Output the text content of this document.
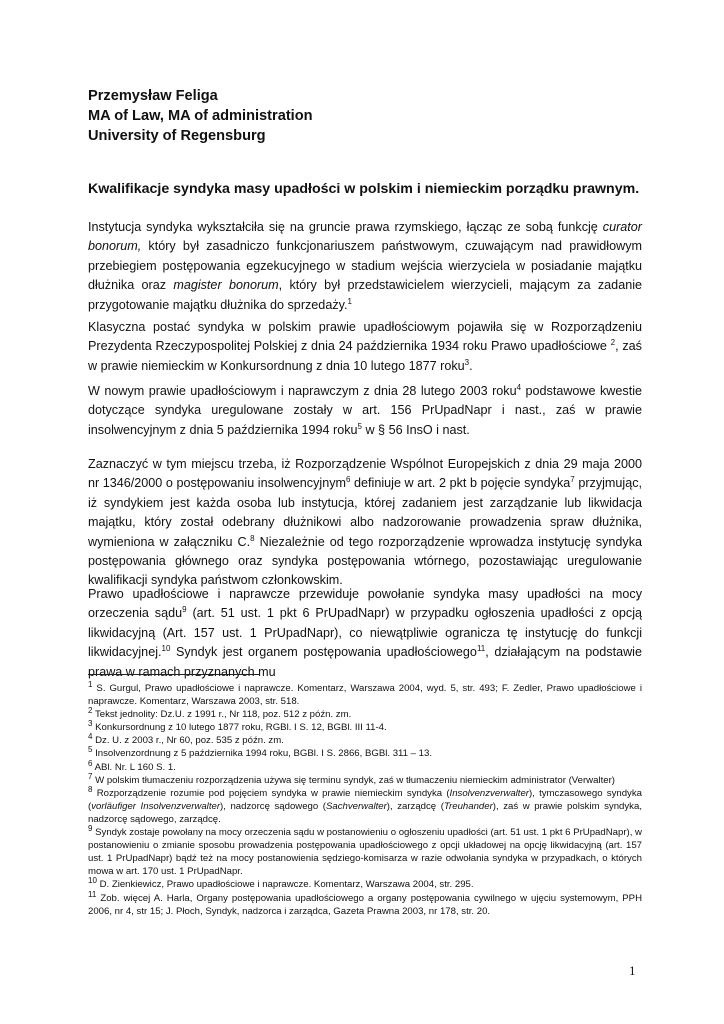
Przemysław Feliga
MA of Law, MA of administration
University of Regensburg
Kwalifikacje syndyka masy upadłości w polskim i niemieckim porządku prawnym.
Instytucja syndyka wykształciła się na gruncie prawa rzymskiego, łącząc ze sobą funkcję curator bonorum, który był zasadniczo funkcjonariuszem państwowym, czuwającym nad prawidłowym przebiegiem postępowania egzekucyjnego w stadium wejścia wierzyciela w posiadanie majątku dłużnika oraz magister bonorum, który był przedstawicielem wierzycieli, mającym za zadanie przygotowanie majątku dłużnika do sprzedaży.$^1$
Klasyczna postać syndyka w polskim prawie upadłościowym pojawiła się w Rozporządzeniu Prezydenta Rzeczypospolitej Polskiej z dnia 24 października 1934 roku Prawo upadłościowe $^2$, zaś w prawie niemieckim w Konkursordnung z dnia 10 lutego 1877 roku$^3$.
W nowym prawie upadłościowym i naprawczym z dnia 28 lutego 2003 roku$^4$ podstawowe kwestie dotyczące syndyka uregulowane zostały w art. 156 PrUpadNapr i nast., zaś w prawie insolwencyjnym z dnia 5 października 1994 roku$^5$ w § 56 InsO i nast.
Zaznaczyć w tym miejscu trzeba, iż Rozporządzenie Wspólnot Europejskich z dnia 29 maja 2000 nr 1346/2000 o postępowaniu insolwencyjnym$^6$ definiuje w art. 2 pkt b pojęcie syndyka$^7$ przyjmując, iż syndykiem jest każda osoba lub instytucja, której zadaniem jest zarządzanie lub likwidacja majątku, który został odebrany dłużnikowi albo nadzorowanie prowadzenia spraw dłużnika, wymieniona w załączniku C.$^8$ Niezależnie od tego rozporządzenie wprowadza instytucję syndyka postępowania głównego oraz syndyka postępowania wtórnego, pozostawiając uregulowanie kwalifikacji syndyka państwom członkowskim.
Prawo upadłościowe i naprawcze przewiduje powołanie syndyka masy upadłości na mocy orzeczenia sądu$^9$ (art. 51 ust. 1 pkt 6 PrUpadNapr) w przypadku ogłoszenia upadłości z opcją likwidacyjną (Art. 157 ust. 1 PrUpadNapr), co niewątpliwie ogranicza tę instytucję do funkcji likwidacyjnej.$^{10}$ Syndyk jest organem postępowania upadłościowego$^{11}$, działającym na podstawie prawa w ramach przyznanych mu
$^1$ S. Gurgul, Prawo upadłościowe i naprawcze. Komentarz, Warszawa 2004, wyd. 5, str. 493; F. Zedler, Prawo upadłościowe i naprawcze. Komentarz, Warszawa 2003, str. 518.
$^2$ Tekst jednolity: Dz.U. z 1991 r., Nr 118, poz. 512 z późn. zm.
$^3$ Konkursordnung z 10 lutego 1877 roku, RGBl. I S. 12, BGBl. III 11-4.
$^4$ Dz. U. z 2003 r., Nr 60, poz. 535 z późn. zm.
$^5$ Insolvenzordnung z 5 października 1994 roku, BGBl. I S. 2866, BGBl. 311 – 13.
$^6$ ABl. Nr. L 160 S. 1.
$^7$ W polskim tłumaczeniu rozporządzenia używa się terminu syndyk, zaś w tłumaczeniu niemieckim administrator (Verwalter)
$^8$ Rozporządzenie rozumie pod pojęciem syndyka w prawie niemieckim syndyka (Insolvenzverwalter), tymczasowego syndyka (vorläufiger Insolvenzverwalter), nadzorcę sądowego (Sachverwalter), zarządcę (Treuhander), zaś w prawie polskim syndyka, nadzorcę sądowego, zarządcę.
$^9$ Syndyk zostaje powołany na mocy orzeczenia sądu w postanowieniu o ogłoszeniu upadłości (art. 51 ust. 1 pkt 6 PrUpadNapr), w postanowieniu o zmianie sposobu prowadzenia postępowania upadłościowego z opcji układowej na opcję likwidacyjną (art. 157 ust. 1 PrUpadNapr) bądź też na mocy postanowienia sędziego-komisarza w razie odwołania syndyka w przypadkach, o których mowa w art. 170 ust. 1 PrUpadNapr.
$^{10}$ D. Zienkiewicz, Prawo upadłościowe i naprawcze. Komentarz, Warszawa 2004, str. 295.
$^{11}$ Zob. więcej A. Harla, Organy postępowania upadłościowego a organy postępowania cywilnego w ujęciu systemowym, PPH 2006, nr 4, str 15; J. Płoch, Syndyk, nadzorca i zarządca, Gazeta Prawna 2003, nr 178, str. 20.
1
